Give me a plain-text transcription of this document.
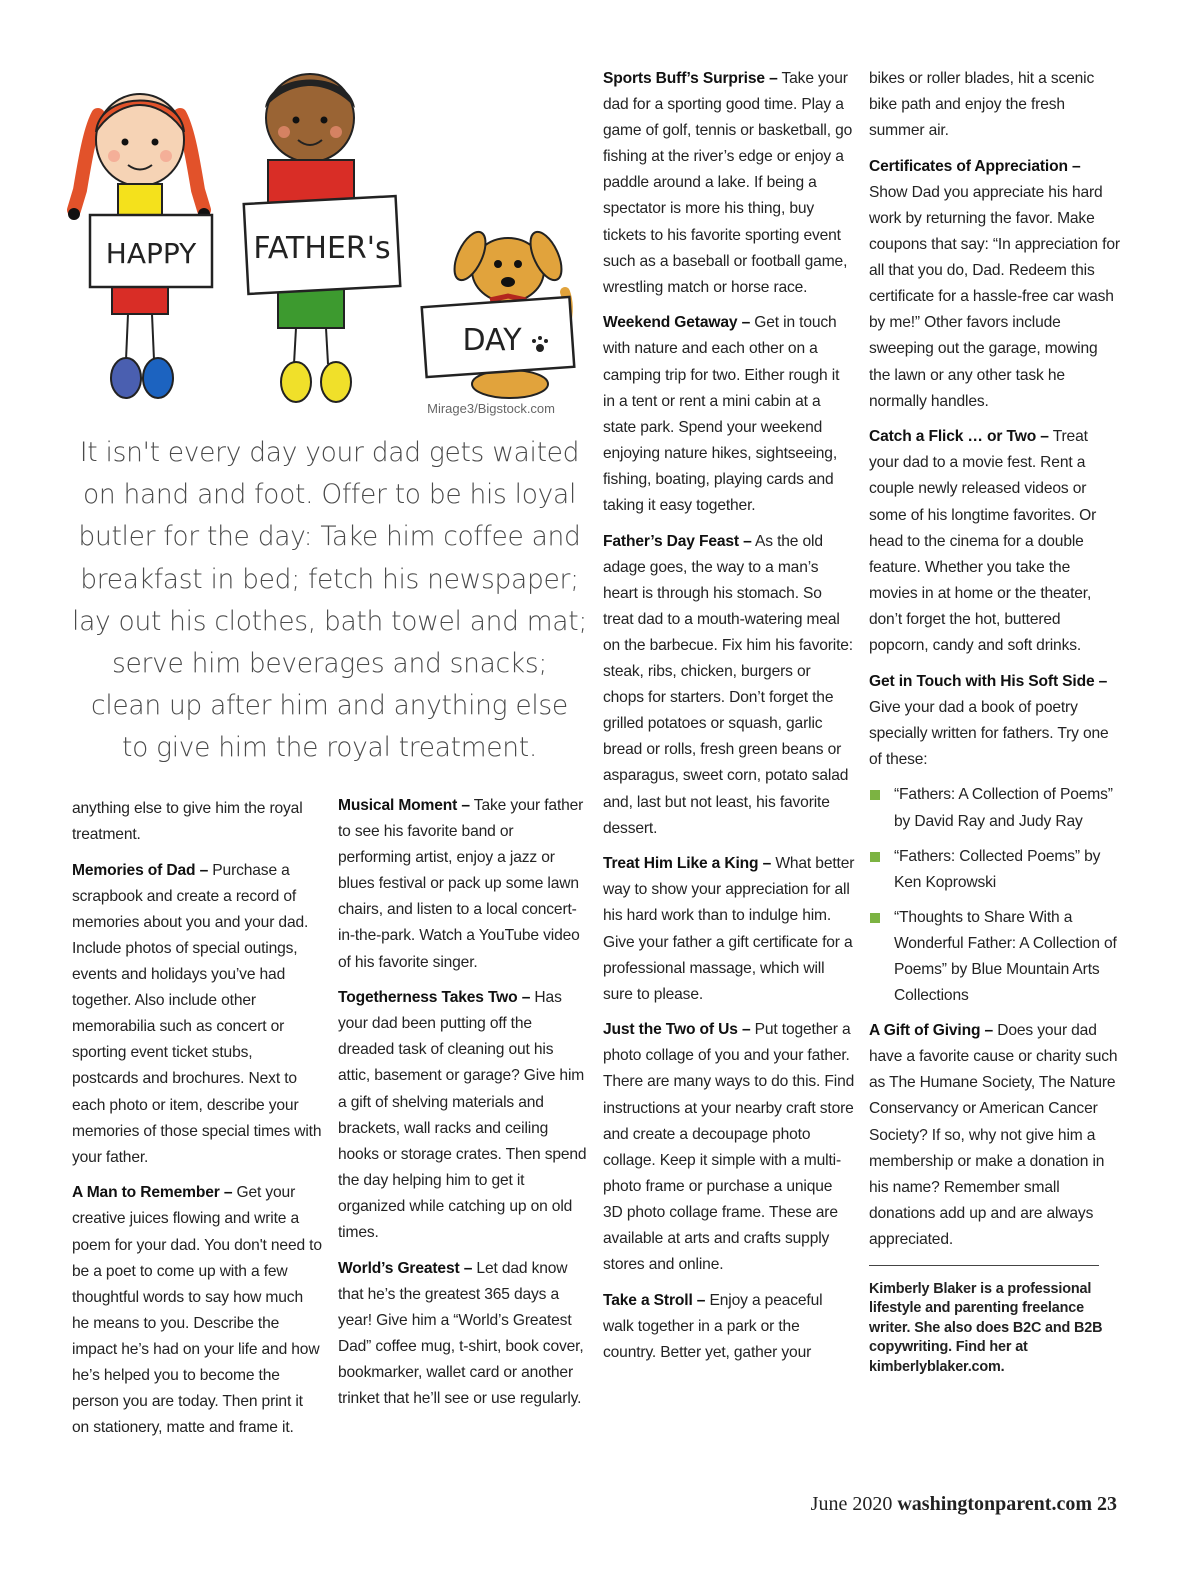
HAPPY FATHER's
DAY
Mirage3/Bigstock.com

It isn't every day your dad gets waited
on hand and foot. Offer to be his loyal
butler for the day: Take him coffee and
breakfast in bed; fetch his newspaper;
lay out his clothes, bath towel and mat;
serve him beverages and snacks;
clean up after him and anything else
to give him the royal treatment.

anything else to give him the royal treatment.

Memories of Dad – Purchase a scrapbook and create a record of memories about you and your dad. Include photos of special outings, events and holidays you’ve had together. Also include other memorabilia such as concert or sporting event ticket stubs, postcards and brochures. Next to each photo or item, describe your memories of those special times with your father.

A Man to Remember – Get your creative juices flowing and write a poem for your dad. You don't need to be a poet to come up with a few thoughtful words to say how much he means to you. Describe the impact he’s had on your life and how he’s helped you to become the person you are today. Then print it on stationery, matte and frame it.

Musical Moment – Take your father to see his favorite band or performing artist, enjoy a jazz or blues festival or pack up some lawn chairs, and listen to a local concert-in-the-park. Watch a YouTube video of his favorite singer.

Togetherness Takes Two – Has your dad been putting off the dreaded task of cleaning out his attic, basement or garage? Give him a gift of shelving materials and brackets, wall racks and ceiling hooks or storage crates. Then spend the day helping him to get it organized while catching up on old times.

World’s Greatest – Let dad know that he’s the greatest 365 days a year! Give him a “World’s Greatest Dad” coffee mug, t-shirt, book cover, bookmarker, wallet card or another trinket that he’ll see or use regularly.

Sports Buff’s Surprise – Take your dad for a sporting good time. Play a game of golf, tennis or basketball, go fishing at the river’s edge or enjoy a paddle around a lake. If being a spectator is more his thing, buy tickets to his favorite sporting event such as a baseball or football game, wrestling match or horse race.

Weekend Getaway – Get in touch with nature and each other on a camping trip for two. Either rough it in a tent or rent a mini cabin at a state park. Spend your weekend enjoying nature hikes, sightseeing, fishing, boating, playing cards and taking it easy together.

Father’s Day Feast – As the old adage goes, the way to a man’s heart is through his stomach. So treat dad to a mouth-watering meal on the barbecue. Fix him his favorite: steak, ribs, chicken, burgers or chops for starters. Don’t forget the grilled potatoes or squash, garlic bread or rolls, fresh green beans or asparagus, sweet corn, potato salad and, last but not least, his favorite dessert.

Treat Him Like a King – What better way to show your appreciation for all his hard work than to indulge him. Give your father a gift certificate for a professional massage, which will sure to please.

Just the Two of Us – Put together a photo collage of you and your father. There are many ways to do this. Find instructions at your nearby craft store and create a decoupage photo collage. Keep it simple with a multi-photo frame or purchase a unique 3D photo collage frame. These are available at arts and crafts supply stores and online.

Take a Stroll – Enjoy a peaceful walk together in a park or the country. Better yet, gather your

bikes or roller blades, hit a scenic bike path and enjoy the fresh summer air.

Certificates of Appreciation – Show Dad you appreciate his hard work by returning the favor. Make coupons that say: “In appreciation for all that you do, Dad. Redeem this certificate for a hassle-free car wash by me!” Other favors include sweeping out the garage, mowing the lawn or any other task he normally handles.

Catch a Flick … or Two – Treat your dad to a movie fest. Rent a couple newly released videos or some of his longtime favorites. Or head to the cinema for a double feature. Whether you take the movies in at home or the theater, don’t forget the hot, buttered popcorn, candy and soft drinks.

Get in Touch with His Soft Side – Give your dad a book of poetry specially written for fathers. Try one of these:

“Fathers: A Collection of Poems” by David Ray and Judy Ray
“Fathers: Collected Poems” by Ken Koprowski
“Thoughts to Share With a Wonderful Father: A Collection of Poems” by Blue Mountain Arts Collections

A Gift of Giving – Does your dad have a favorite cause or charity such as The Humane Society, The Nature Conservancy or American Cancer Society? If so, why not give him a membership or make a donation in his name? Remember small donations add up and are always appreciated.

Kimberly Blaker is a professional lifestyle and parenting freelance writer. She also does B2C and B2B copywriting. Find her at kimberlyblaker.com.

June 2020 washingtonparent.com 23
